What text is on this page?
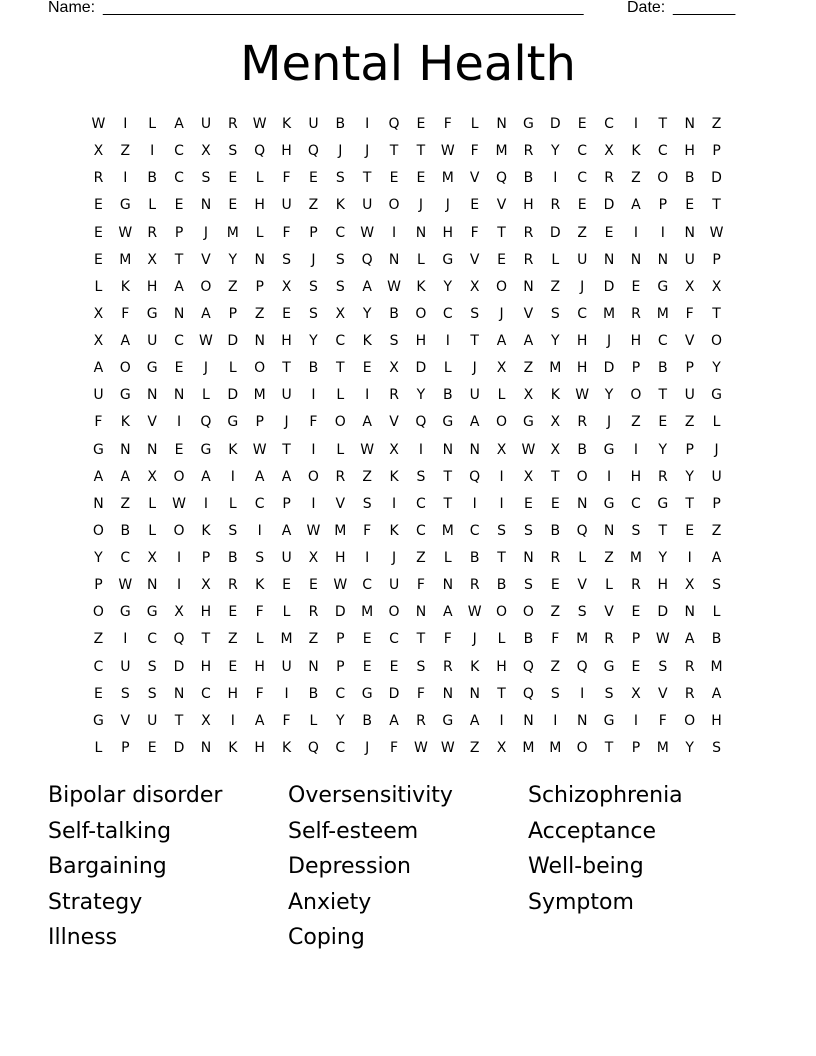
Name: ______________________________________________________	Date: _______
Mental Health
W	I	L	A	U	R	W	K	U	B	I	Q	E	F	L	N	G	D	E	C	I	T	N	Z
X	Z	I	C	X	S	Q	H	Q	J	J	T	T	W	F	M	R	Y	C	X	K	C	H	P
R	I	B	C	S	E	L	F	E	S	T	E	E	M	V	Q	B	I	C	R	Z	O	B	D
E	G	L	E	N	E	H	U	Z	K	U	O	J	J	E	V	H	R	E	D	A	P	E	T
E	W	R	P	J	M	L	F	P	C	W	I	N	H	F	T	R	D	Z	E	I	I	N	W
E	M	X	T	V	Y	N	S	J	S	Q	N	L	G	V	E	R	L	U	N	N	N	U	P
L	K	H	A	O	Z	P	X	S	S	A	W	K	Y	X	O	N	Z	J	D	E	G	X	X
X	F	G	N	A	P	Z	E	S	X	Y	B	O	C	S	J	V	S	C	M	R	M	F	T
X	A	U	C	W	D	N	H	Y	C	K	S	H	I	T	A	A	Y	H	J	H	C	V	O
A	O	G	E	J	L	O	T	B	T	E	X	D	L	J	X	Z	M	H	D	P	B	P	Y
U	G	N	N	L	D	M	U	I	L	I	R	Y	B	U	L	X	K	W	Y	O	T	U	G
F	K	V	I	Q	G	P	J	F	O	A	V	Q	G	A	O	G	X	R	J	Z	E	Z	L
G	N	N	E	G	K	W	T	I	L	W	X	I	N	N	X	W	X	B	G	I	Y	P	J
A	A	X	O	A	I	A	A	O	R	Z	K	S	T	Q	I	X	T	O	I	H	R	Y	U
N	Z	L	W	I	L	C	P	I	V	S	I	C	T	I	I	E	E	N	G	C	G	T	P
O	B	L	O	K	S	I	A	W M	F	K	C	M	C	S	S	B	Q	N	S	T	E	Z
Y	C	X	I	P	B	S	U	X	H	I	J	Z	L	B	T	N	R	L	Z	M	Y	I	A
P	W	N	I	X	R	K	E	E	W	C	U	F	N	R	B	S	E	V	L	R	H	X	S
O	G	G	X	H	E	F	L	R	D	M	O	N	A	W	O	O	Z	S	V	E	D	N	L
Z	I	C	Q	T	Z	L	M	Z	P	E	C	T	F	J	L	B	F	M	R	P	W	A	B
C	U	S	D	H	E	H	U	N	P	E	E	S	R	K	H	Q	Z	Q	G	E	S	R	M
E	S	S	N	C	H	F	I	B	C	G	D	F	N	N	T	Q	S	I	S	X	V	R	A
G	V	U	T	X	I	A	F	L	Y	B	A	R	G	A	I	N	I	N	G	I	F	O	H
L	P	E	D	N	K	H	K	Q	C	J	F	W W	Z	X	M	M	O	T	P	M	Y	S
Bipolar disorder	Oversensitivity	Schizophrenia
Self-talking	Self-esteem	Acceptance
Bargaining	Depression	Well-being
Strategy	Anxiety	Symptom
Illness	Coping
